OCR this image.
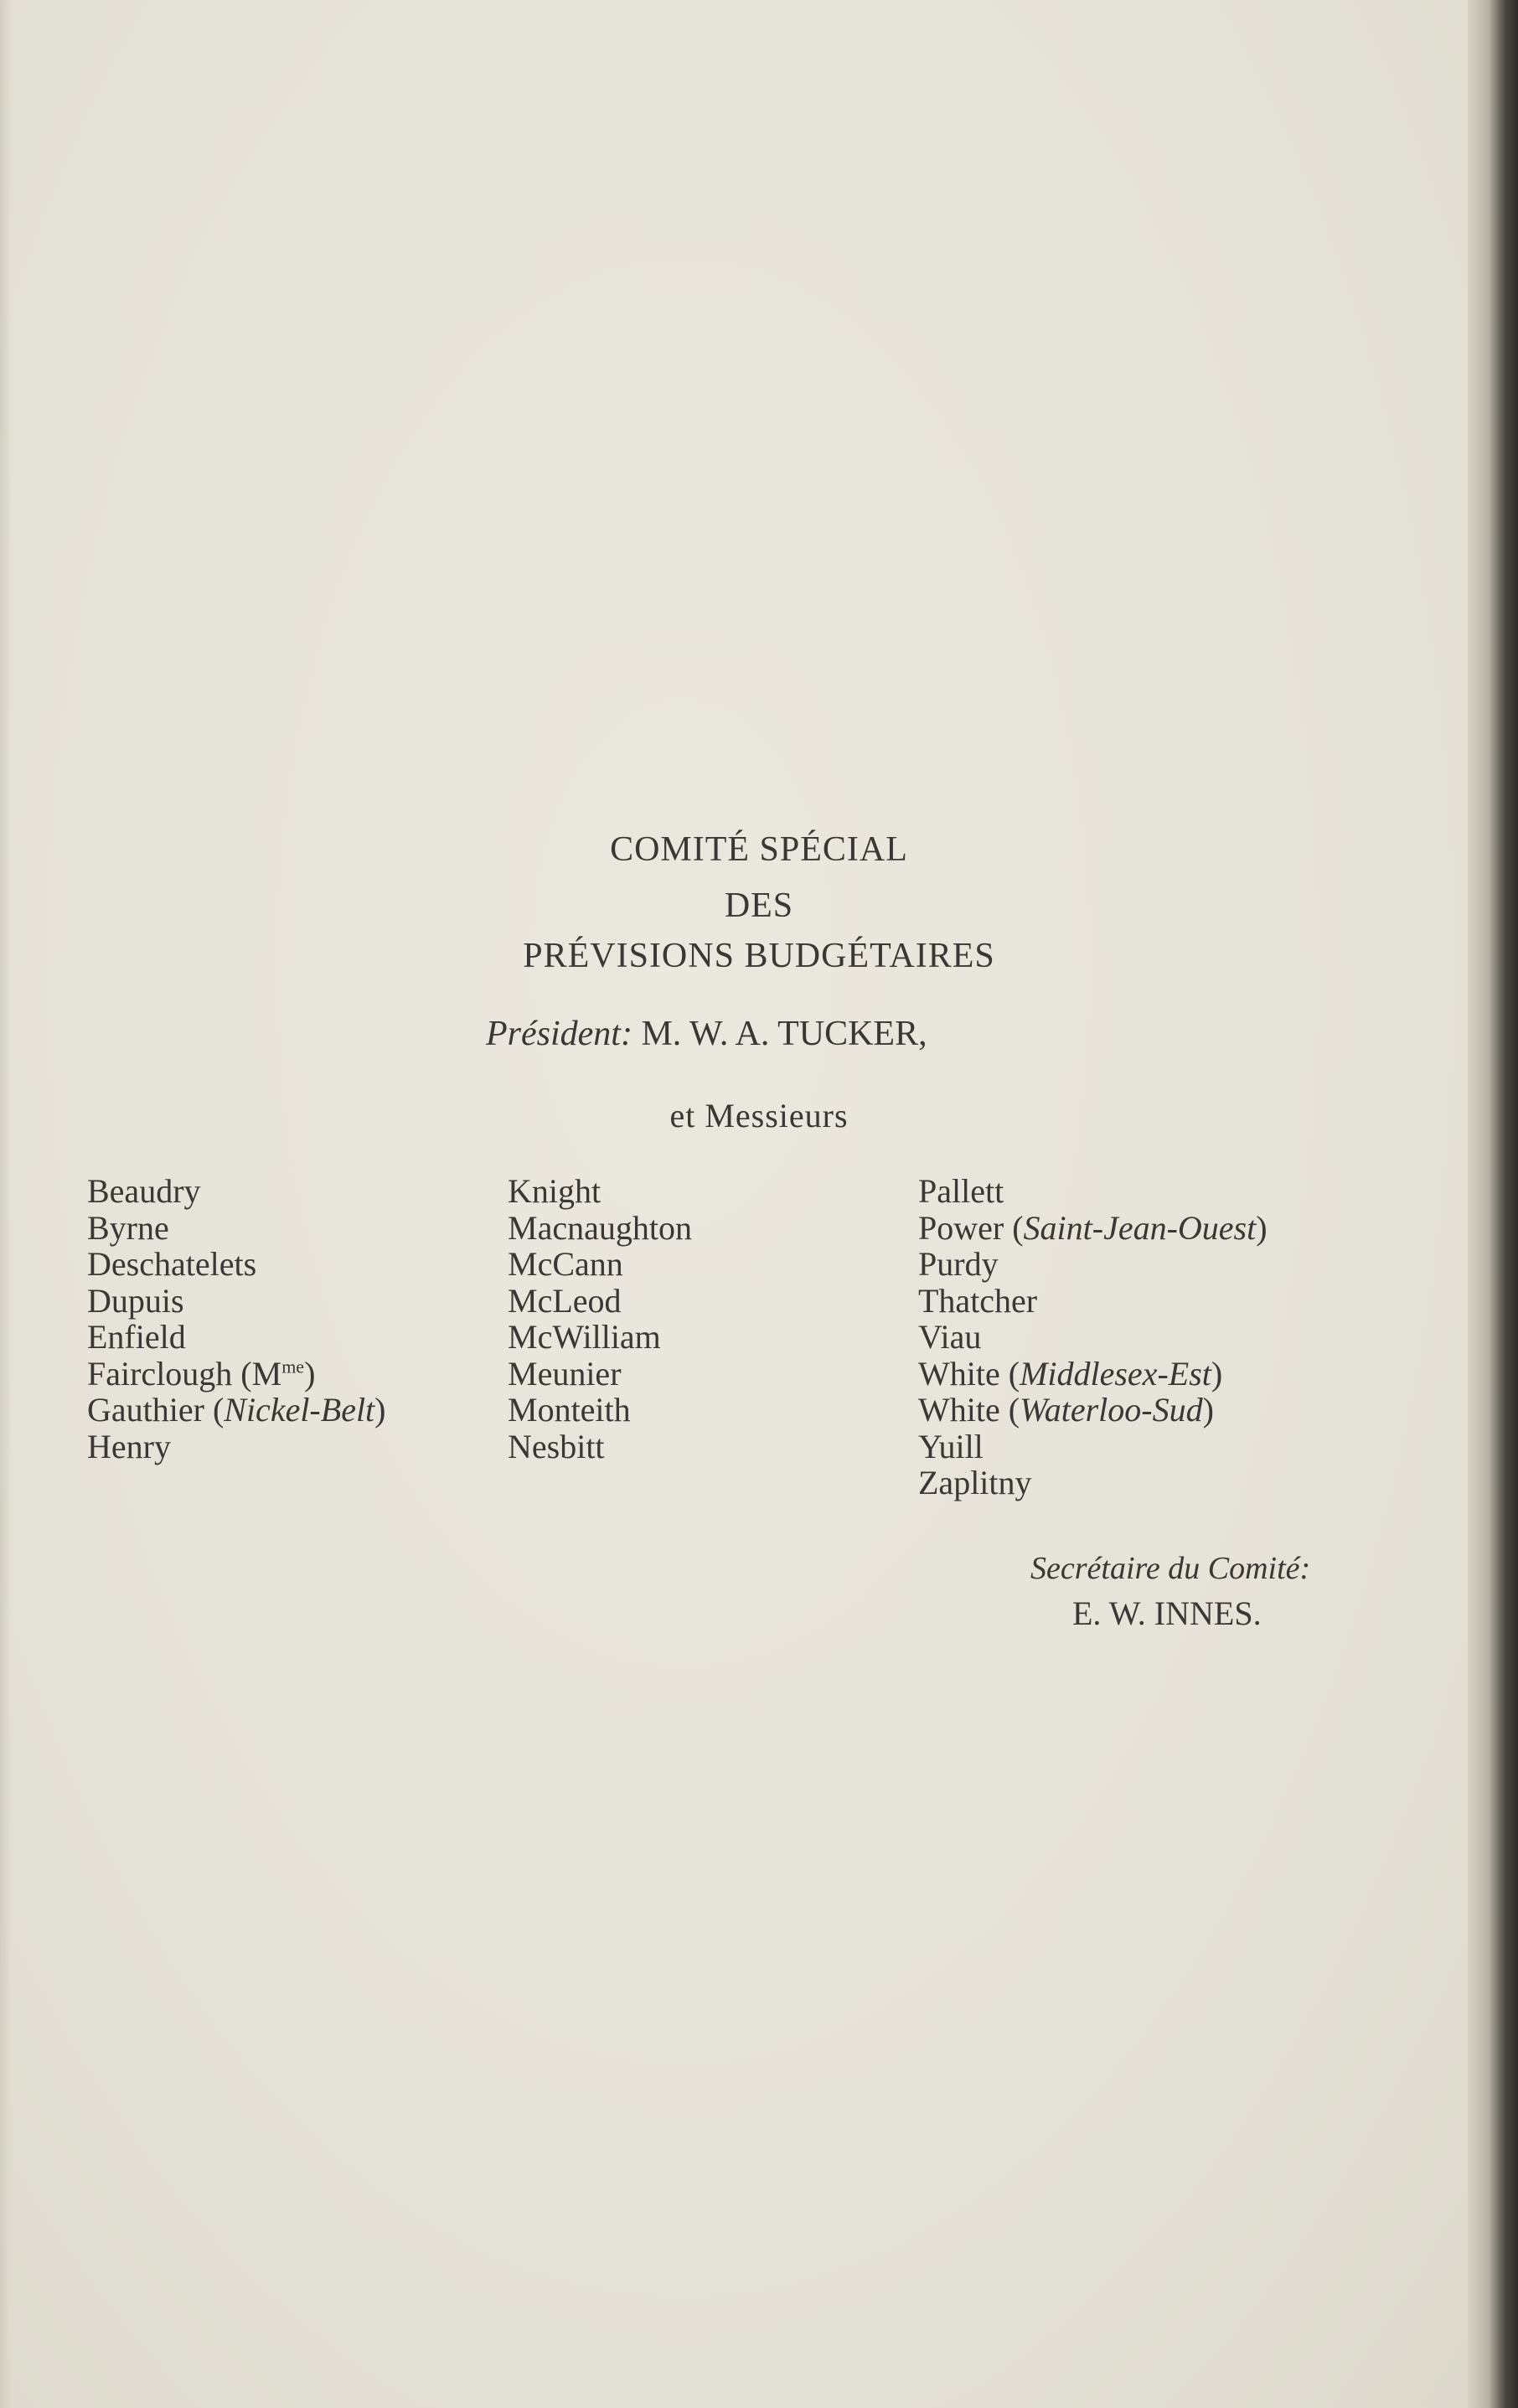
COMITÉ SPÉCIAL
DES
PRÉVISIONS BUDGÉTAIRES
Président: M. W. A. TUCKER,
et Messieurs
Beaudry
Byrne
Deschatelets
Dupuis
Enfield
Fairclough $(M^{me})$
Gauthier (Nickel-Belt)
Henry
Knight
Macnaughton
McCann
McLeod
McWilliam
Meunier
Monteith
Nesbitt
Pallett
Power (Saint-Jean-Ouest)
Purdy
Thatcher
Viau
White (Middlesex-Est)
White (Waterloo-Sud)
Yuill
Zaplitny
Secrétaire du Comité:
E. W. INNES.
